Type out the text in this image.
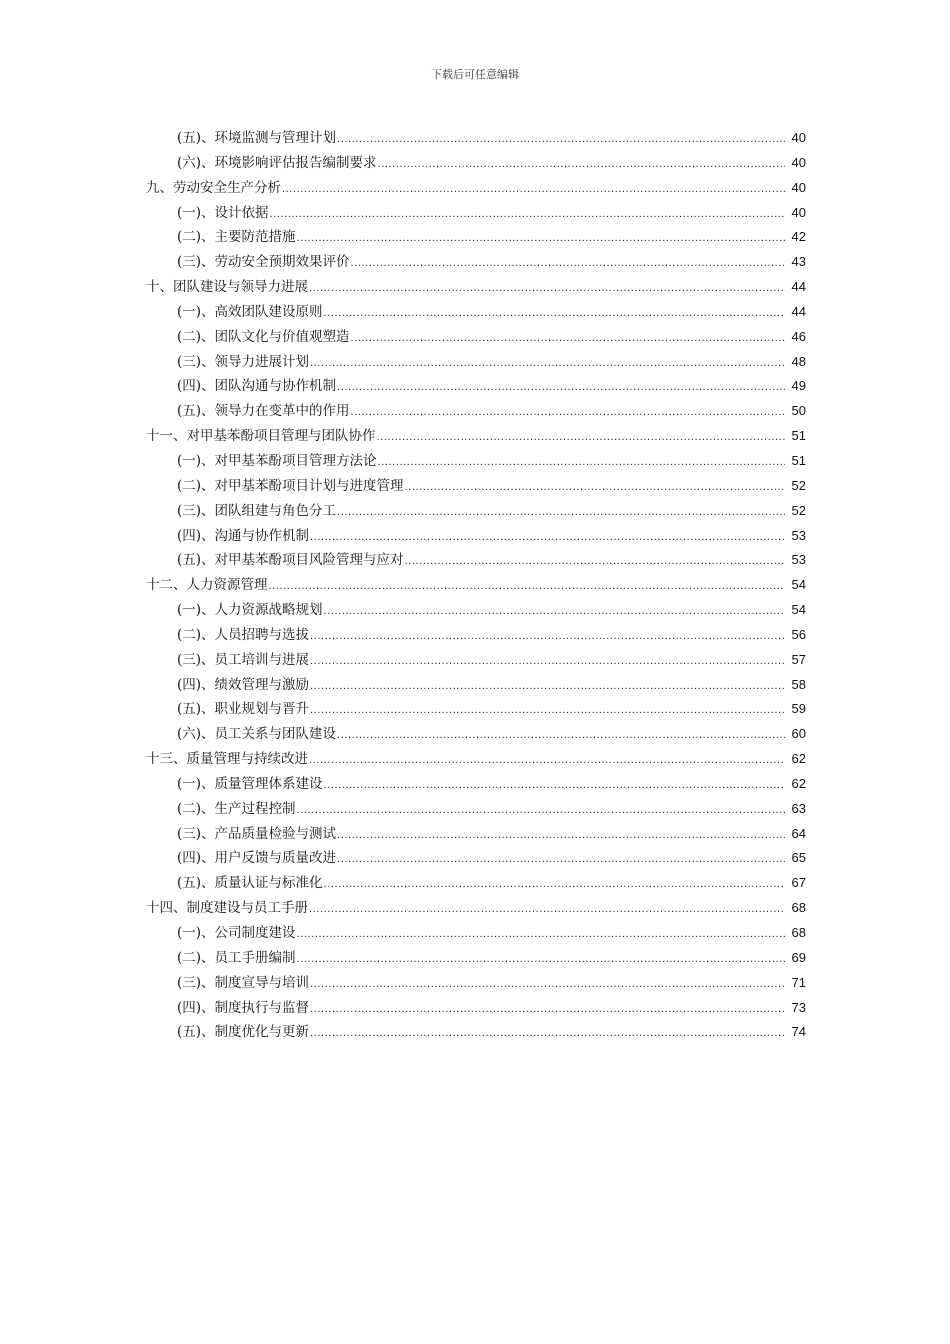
下载后可任意编辑
(五)、环境监测与管理计划 .....	40
(六)、环境影响评估报告编制要求 .....	40
九、劳动安全生产分析 .....	40
(一)、设计依据 .....	40
(二)、主要防范措施 .....	42
(三)、劳动安全预期效果评价 .....	43
十、团队建设与领导力进展 .....	44
(一)、高效团队建设原则 .....	44
(二)、团队文化与价值观塑造 .....	46
(三)、领导力进展计划 .....	48
(四)、团队沟通与协作机制 .....	49
(五)、领导力在变革中的作用 .....	50
十一、对甲基苯酚项目管理与团队协作 .....	51
(一)、对甲基苯酚项目管理方法论 .....	51
(二)、对甲基苯酚项目计划与进度管理 .....	52
(三)、团队组建与角色分工 .....	52
(四)、沟通与协作机制 .....	53
(五)、对甲基苯酚项目风险管理与应对 .....	53
十二、人力资源管理 .....	54
(一)、人力资源战略规划 .....	54
(二)、人员招聘与选拔 .....	56
(三)、员工培训与进展 .....	57
(四)、绩效管理与激励 .....	58
(五)、职业规划与晋升 .....	59
(六)、员工关系与团队建设 .....	60
十三、质量管理与持续改进 .....	62
(一)、质量管理体系建设 .....	62
(二)、生产过程控制 .....	63
(三)、产品质量检验与测试 .....	64
(四)、用户反馈与质量改进 .....	65
(五)、质量认证与标准化 .....	67
十四、制度建设与员工手册 .....	68
(一)、公司制度建设 .....	68
(二)、员工手册编制 .....	69
(三)、制度宣导与培训 .....	71
(四)、制度执行与监督 .....	73
(五)、制度优化与更新 .....	74
